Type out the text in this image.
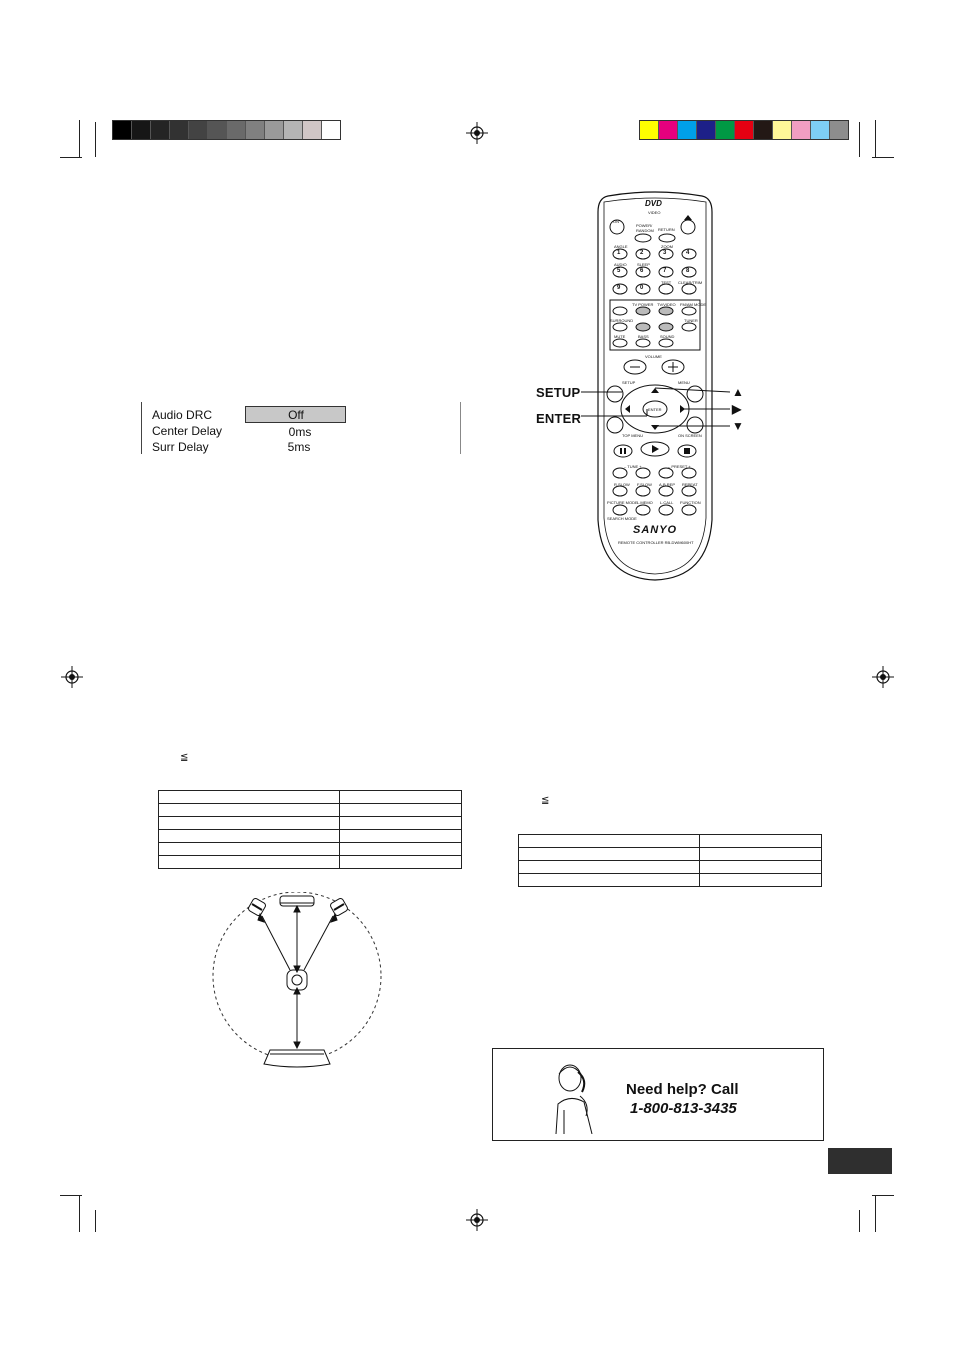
Audio DRC	Off
Center Delay	0ms
Surr Delay	5ms
DVD
VIDEO
ON
POWER/ RANDOM	RETURN
ANGLE	ZOOM
AUDIO	SLEEP
TEST CLEAR/TRIM
TV POWER TV/VIDEO FM/AM MODE
SURROUND	TUNER
MUTE	BASS	SOUND
VOLUME
SETUP	MENU
ENTER
TOP MENU	ON SCREEN
– TUNE +	– PRESET +
R.SLOW F.SLOW A-B REP REPEAT
PICTURE MODE L.MEMO L.CALL FUNCTION
SEARCH MODE
SANYO
REMOTE CONTROLLER RB-DWM600HT
1	2	3	4
5	6	7	8
9	0
SETUP
ENTER
▲
▶
▼
≦

≦

Need help? Call
1-800-813-3435
